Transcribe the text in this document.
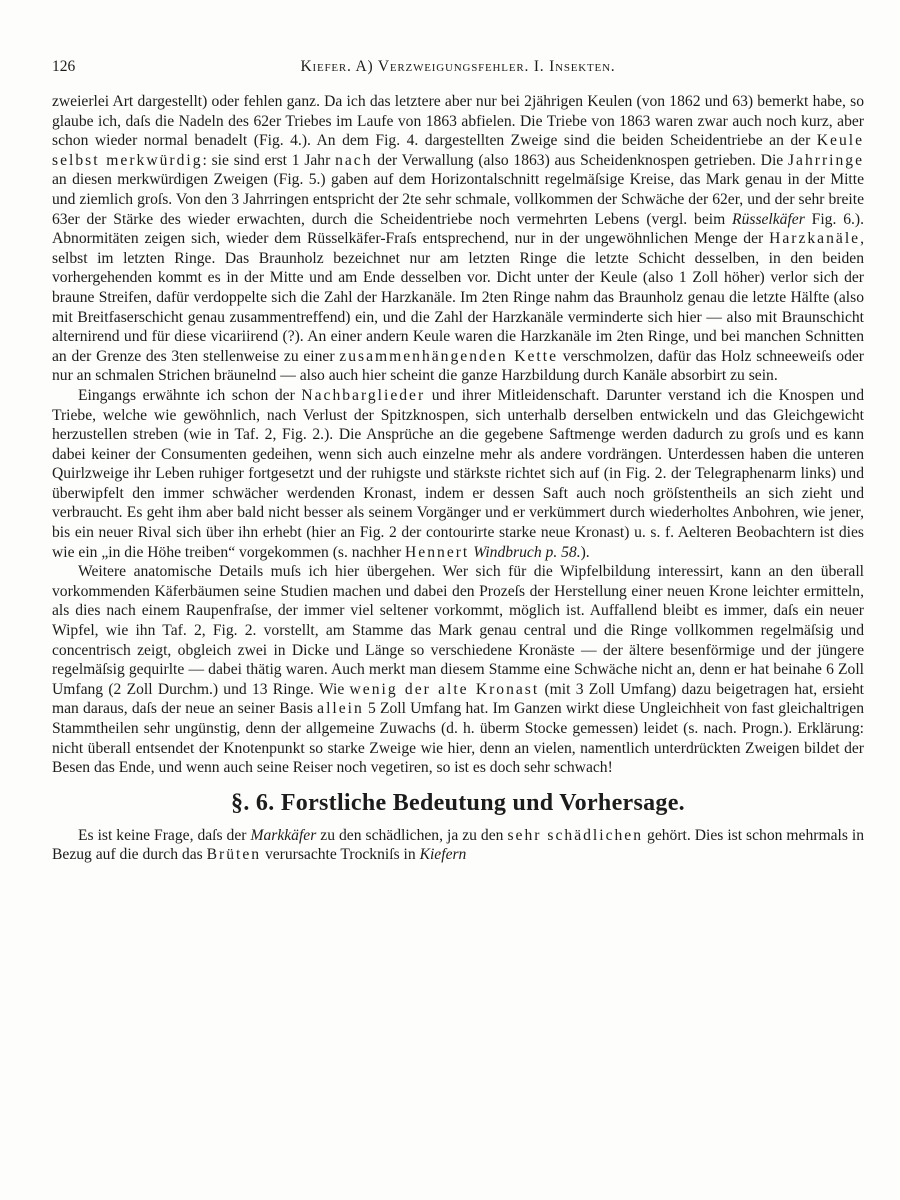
126	Kiefer. A) Verzweigungsfehler. I. Insekten.

zweierlei Art dargestellt) oder fehlen ganz. Da ich das letztere aber nur bei 2jährigen Keulen (von 1862 und 63) bemerkt habe, so glaube ich, daſs die Nadeln des 62er Triebes im Laufe von 1863 abfielen. Die Triebe von 1863 waren zwar auch noch kurz, aber schon wieder normal benadelt (Fig. 4.). An dem Fig. 4. dargestellten Zweige sind die beiden Scheidentriebe an der Keule selbst merkwürdig: sie sind erst 1 Jahr nach der Verwallung (also 1863) aus Scheidenknospen getrieben. Die Jahrringe an diesen merkwürdigen Zweigen (Fig. 5.) gaben auf dem Horizontalschnitt regelmäſsige Kreise, das Mark genau in der Mitte und ziemlich groſs. Von den 3 Jahrringen entspricht der 2te sehr schmale, vollkommen der Schwäche der 62er, und der sehr breite 63er der Stärke des wieder erwachten, durch die Scheidentriebe noch vermehrten Lebens (vergl. beim Rüsselkäfer Fig. 6.). Abnormitäten zeigen sich, wieder dem Rüsselkäfer-Fraſs entsprechend, nur in der ungewöhnlichen Menge der Harzkanäle, selbst im letzten Ringe. Das Braunholz bezeichnet nur am letzten Ringe die letzte Schicht desselben, in den beiden vorhergehenden kommt es in der Mitte und am Ende desselben vor. Dicht unter der Keule (also 1 Zoll höher) verlor sich der braune Streifen, dafür verdoppelte sich die Zahl der Harzkanäle. Im 2ten Ringe nahm das Braunholz genau die letzte Hälfte (also mit Breitfaserschicht genau zusammentreffend) ein, und die Zahl der Harzkanäle verminderte sich hier — also mit Braunschicht alternirend und für diese vicariirend (?). An einer andern Keule waren die Harzkanäle im 2ten Ringe, und bei manchen Schnitten an der Grenze des 3ten stellenweise zu einer zusammenhängenden Kette verschmolzen, dafür das Holz schneeweiſs oder nur an schmalen Strichen bräunelnd — also auch hier scheint die ganze Harzbildung durch Kanäle absorbirt zu sein.

Eingangs erwähnte ich schon der Nachbarglieder und ihrer Mitleidenschaft. Darunter verstand ich die Knospen und Triebe, welche wie gewöhnlich, nach Verlust der Spitzknospen, sich unterhalb derselben entwickeln und das Gleichgewicht herzustellen streben (wie in Taf. 2, Fig. 2.). Die Ansprüche an die gegebene Saftmenge werden dadurch zu groſs und es kann dabei keiner der Consumenten gedeihen, wenn sich auch einzelne mehr als andere vordrängen. Unterdessen haben die unteren Quirlzweige ihr Leben ruhiger fortgesetzt und der ruhigste und stärkste richtet sich auf (in Fig. 2. der Telegraphenarm links) und überwipfelt den immer schwächer werdenden Kronast, indem er dessen Saft auch noch gröſstentheils an sich zieht und verbraucht. Es geht ihm aber bald nicht besser als seinem Vorgänger und er verkümmert durch wiederholtes Anbohren, wie jener, bis ein neuer Rival sich über ihn erhebt (hier an Fig. 2 der contourirte starke neue Kronast) u. s. f. Aelteren Beobachtern ist dies wie ein „in die Höhe treiben“ vorgekommen (s. nachher Hennert Windbruch p. 58.).

Weitere anatomische Details muſs ich hier übergehen. Wer sich für die Wipfelbildung interessirt, kann an den überall vorkommenden Käferbäumen seine Studien machen und dabei den Prozeſs der Herstellung einer neuen Krone leichter ermitteln, als dies nach einem Raupenfraſse, der immer viel seltener vorkommt, möglich ist. Auffallend bleibt es immer, daſs ein neuer Wipfel, wie ihn Taf. 2, Fig. 2. vorstellt, am Stamme das Mark genau central und die Ringe vollkommen regelmäſsig und concentrisch zeigt, obgleich zwei in Dicke und Länge so verschiedene Kronäste — der ältere besenförmige und der jüngere regelmäſsig gequirlte — dabei thätig waren. Auch merkt man diesem Stamme eine Schwäche nicht an, denn er hat beinahe 6 Zoll Umfang (2 Zoll Durchm.) und 13 Ringe. Wie wenig der alte Kronast (mit 3 Zoll Umfang) dazu beigetragen hat, ersieht man daraus, daſs der neue an seiner Basis allein 5 Zoll Umfang hat. Im Ganzen wirkt diese Ungleichheit von fast gleichaltrigen Stammtheilen sehr ungünstig, denn der allgemeine Zuwachs (d. h. überm Stocke gemessen) leidet (s. nach. Progn.). Erklärung: nicht überall entsendet der Knotenpunkt so starke Zweige wie hier, denn an vielen, namentlich unterdrückten Zweigen bildet der Besen das Ende, und wenn auch seine Reiser noch vegetiren, so ist es doch sehr schwach!

§. 6. Forstliche Bedeutung und Vorhersage.

Es ist keine Frage, daſs der Markkäfer zu den schädlichen, ja zu den sehr schädlichen gehört. Dies ist schon mehrmals in Bezug auf die durch das Brüten verursachte Trockniſs in Kiefern
